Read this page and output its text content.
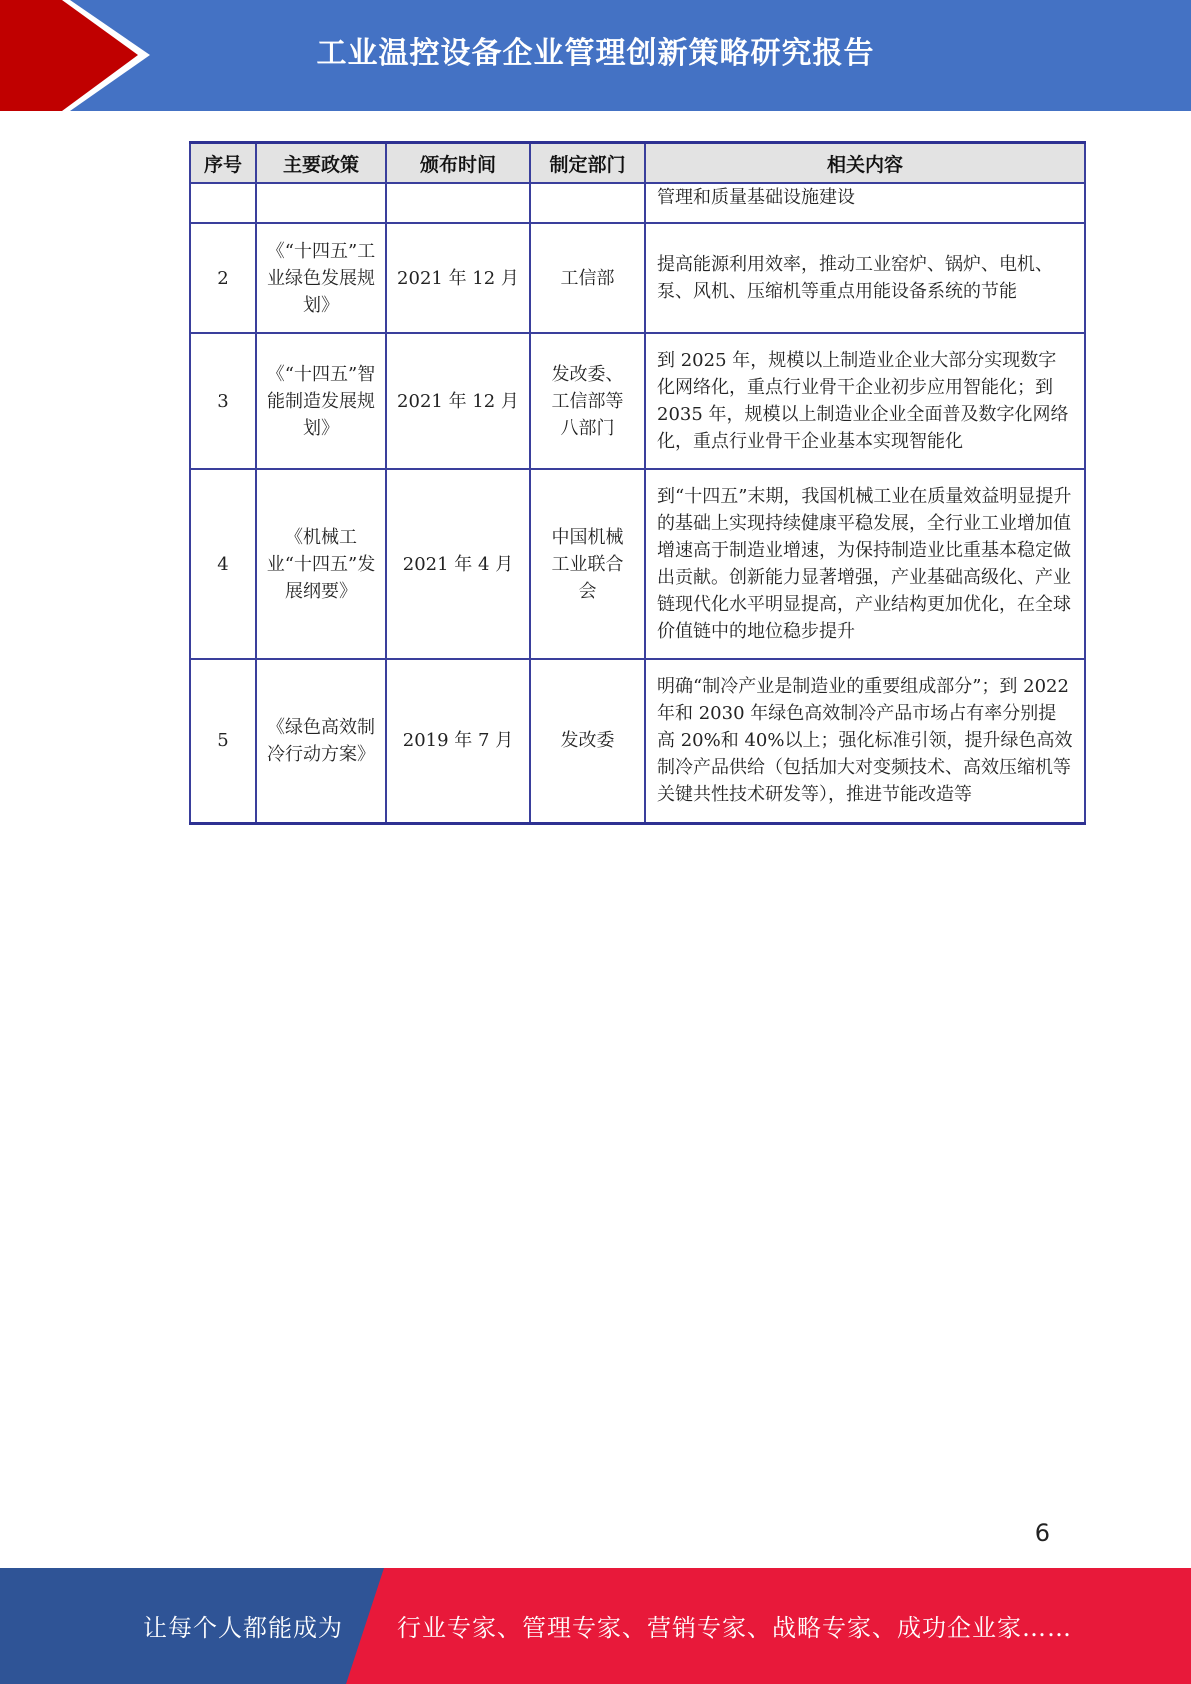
工业温控设备企业管理创新策略研究报告
序号	主要政策	颁布时间	制定部门	相关内容
				管理和质量基础设施建设
2	《“十四五”工业绿色发展规划》	2021 年 12 月	工信部	提高能源利用效率，推动工业窑炉、锅炉、电机、泵、风机、压缩机等重点用能设备系统的节能
3	《“十四五”智能制造发展规划》	2021 年 12 月	发改委、工信部等八部门	到 2025 年，规模以上制造业企业大部分实现数字化网络化，重点行业骨干企业初步应用智能化；到 2035 年，规模以上制造业企业全面普及数字化网络化，重点行业骨干企业基本实现智能化
4	《机械工业“十四五”发展纲要》	2021 年 4 月	中国机械工业联合会	到“十四五”末期，我国机械工业在质量效益明显提升的基础上实现持续健康平稳发展，全行业工业增加值增速高于制造业增速，为保持制造业比重基本稳定做出贡献。创新能力显著增强，产业基础高级化、产业链现代化水平明显提高，产业结构更加优化，在全球价值链中的地位稳步提升
5	《绿色高效制冷行动方案》	2019 年 7 月	发改委	明确“制冷产业是制造业的重要组成部分”；到 2022 年和 2030 年绿色高效制冷产品市场占有率分别提高 20%和 40%以上；强化标准引领，提升绿色高效制冷产品供给（包括加大对变频技术、高效压缩机等关键共性技术研发等），推进节能改造等
6
让每个人都能成为 行业专家、管理专家、营销专家、战略专家、成功企业家……
